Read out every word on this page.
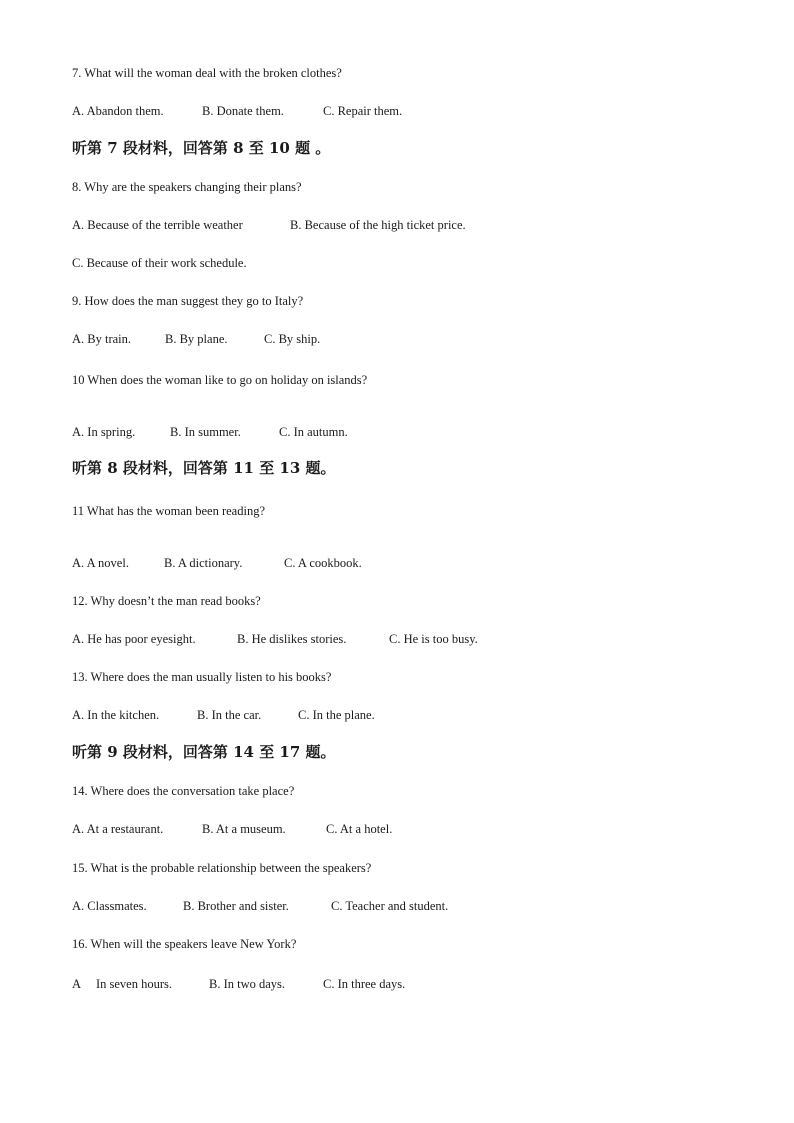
7. What will the woman deal with the broken clothes?
A. Abandon them.	B. Donate them.	C. Repair them.
听第 7 段材料，回答第 8 至 10 题 。
8. Why are the speakers changing their plans?
A. Because of the terrible weather	B. Because of the high ticket price.
C. Because of their work schedule.
9. How does the man suggest they go to Italy?
A. By train.	B. By plane.	C. By ship.
10 When does the woman like to go on holiday on islands?
A. In spring.	B. In summer.	C. In autumn.
听第 8 段材料，回答第 11 至 13 题。
11 What has the woman been reading?
A. A novel.	B. A dictionary.	C. A cookbook.
12. Why doesn’t the man read books?
A. He has poor eyesight.	B. He dislikes stories.	C. He is too busy.
13. Where does the man usually listen to his books?
A. In the kitchen.	B. In the car.	C. In the plane.
听第 9 段材料，回答第 14 至 17 题。
14. Where does the conversation take place?
A. At a restaurant.	B. At a museum.	C. At a hotel.
15. What is the probable relationship between the speakers?
A. Classmates.	B. Brother and sister.	C. Teacher and student.
16. When will the speakers leave New York?
A     In seven hours.	B. In two days.	C. In three days.
